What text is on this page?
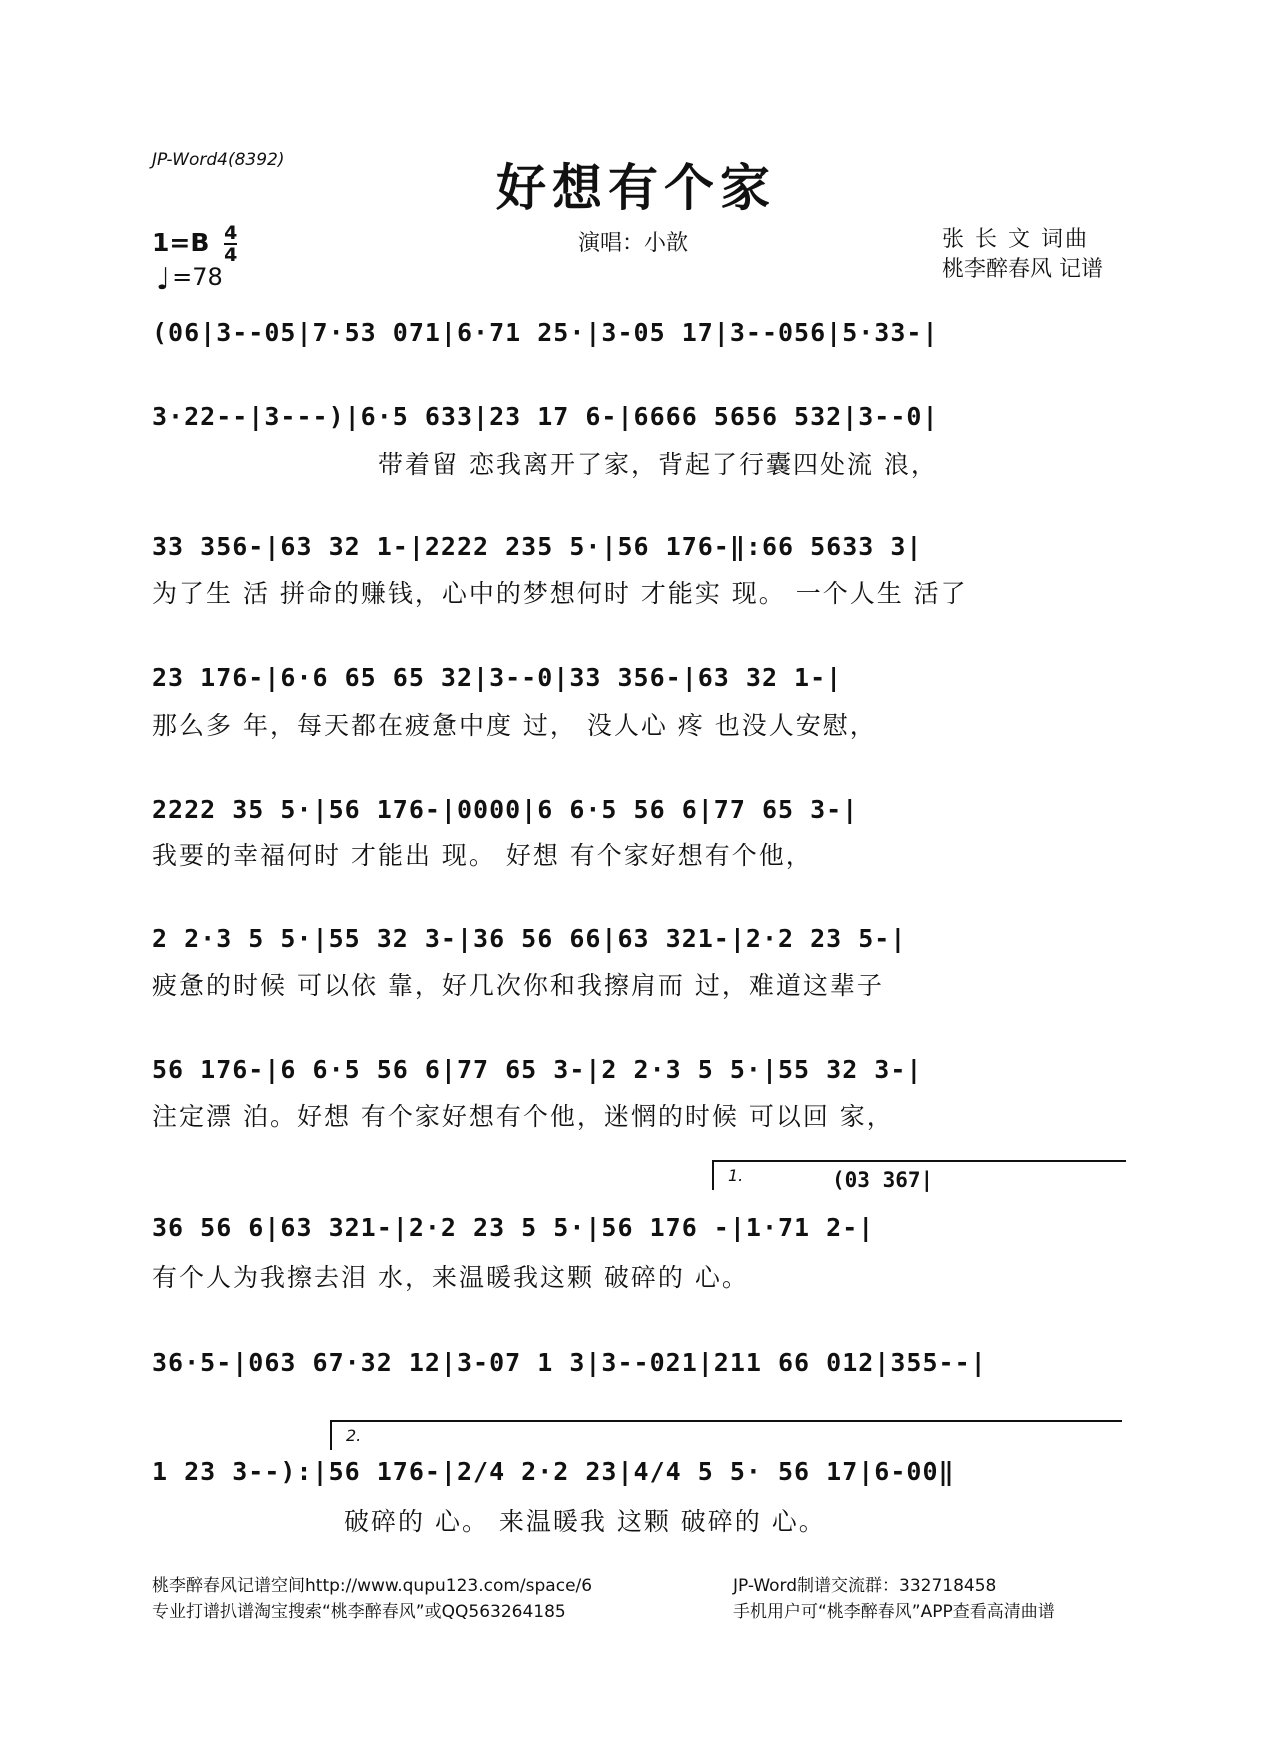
JP-Word4(8392)	好想有个家
$1=B \frac{4}{4}$
♩=78
演唱：小歆	张 长 文 词曲
桃李醉春风 记谱
(06|3--05|7·53 071|6·71 25·|3-05 17|3--056|5·33-|
3·22--|3---)|6·5 633|23 17 6-|6666 5656 532|3--0|
带着留 恋我离开了家，背起了行囊四处流 浪，
33 356-|63 32 1-|2222 235 5·|56 176-‖:66 5633 3|
为了生 活 拼命的赚钱，心中的梦想何时 才能实 现。 一个人生 活了
23 176-|6·6 65 65 32|3--0|33 356-|63 32 1-|
那么多 年，每天都在疲惫中度 过， 没人心 疼 也没人安慰，
2222 35 5·|56 176-|0000|6 6·5 56 6|77 65 3-|
我要的幸福何时 才能出 现。 好想 有个家好想有个他，
2 2·3 5 5·|55 32 3-|36 56 66|63 321-|2·2 23 5-|
疲惫的时候 可以依 靠，好几次你和我擦肩而 过，难道这辈子
56 176-|6 6·5 56 6|77 65 3-|2 2·3 5 5·|55 32 3-|
注定漂 泊。好想 有个家好想有个他，迷惘的时候 可以回 家，
1.	(03 367|
36 56 6|63 321-|2·2 23 5 5·|56 176 -|1·71 2-|
有个人为我擦去泪 水，来温暖我这颗 破碎的 心。
36·5-|063 67·32 12|3-07 1 3|3--021|211 66 012|355--|
2.
1 23 3--):|56 176-|2/4 2·2 23|4/4 5 5· 56 17|6-00‖
破碎的 心。 来温暖我 这颗 破碎的 心。
桃李醉春风记谱空间http://www.qupu123.com/space/6
专业打谱扒谱淘宝搜索“桃李醉春风”或QQ563264185
JP-Word制谱交流群：332718458
手机用户可“桃李醉春风”APP查看高清曲谱
